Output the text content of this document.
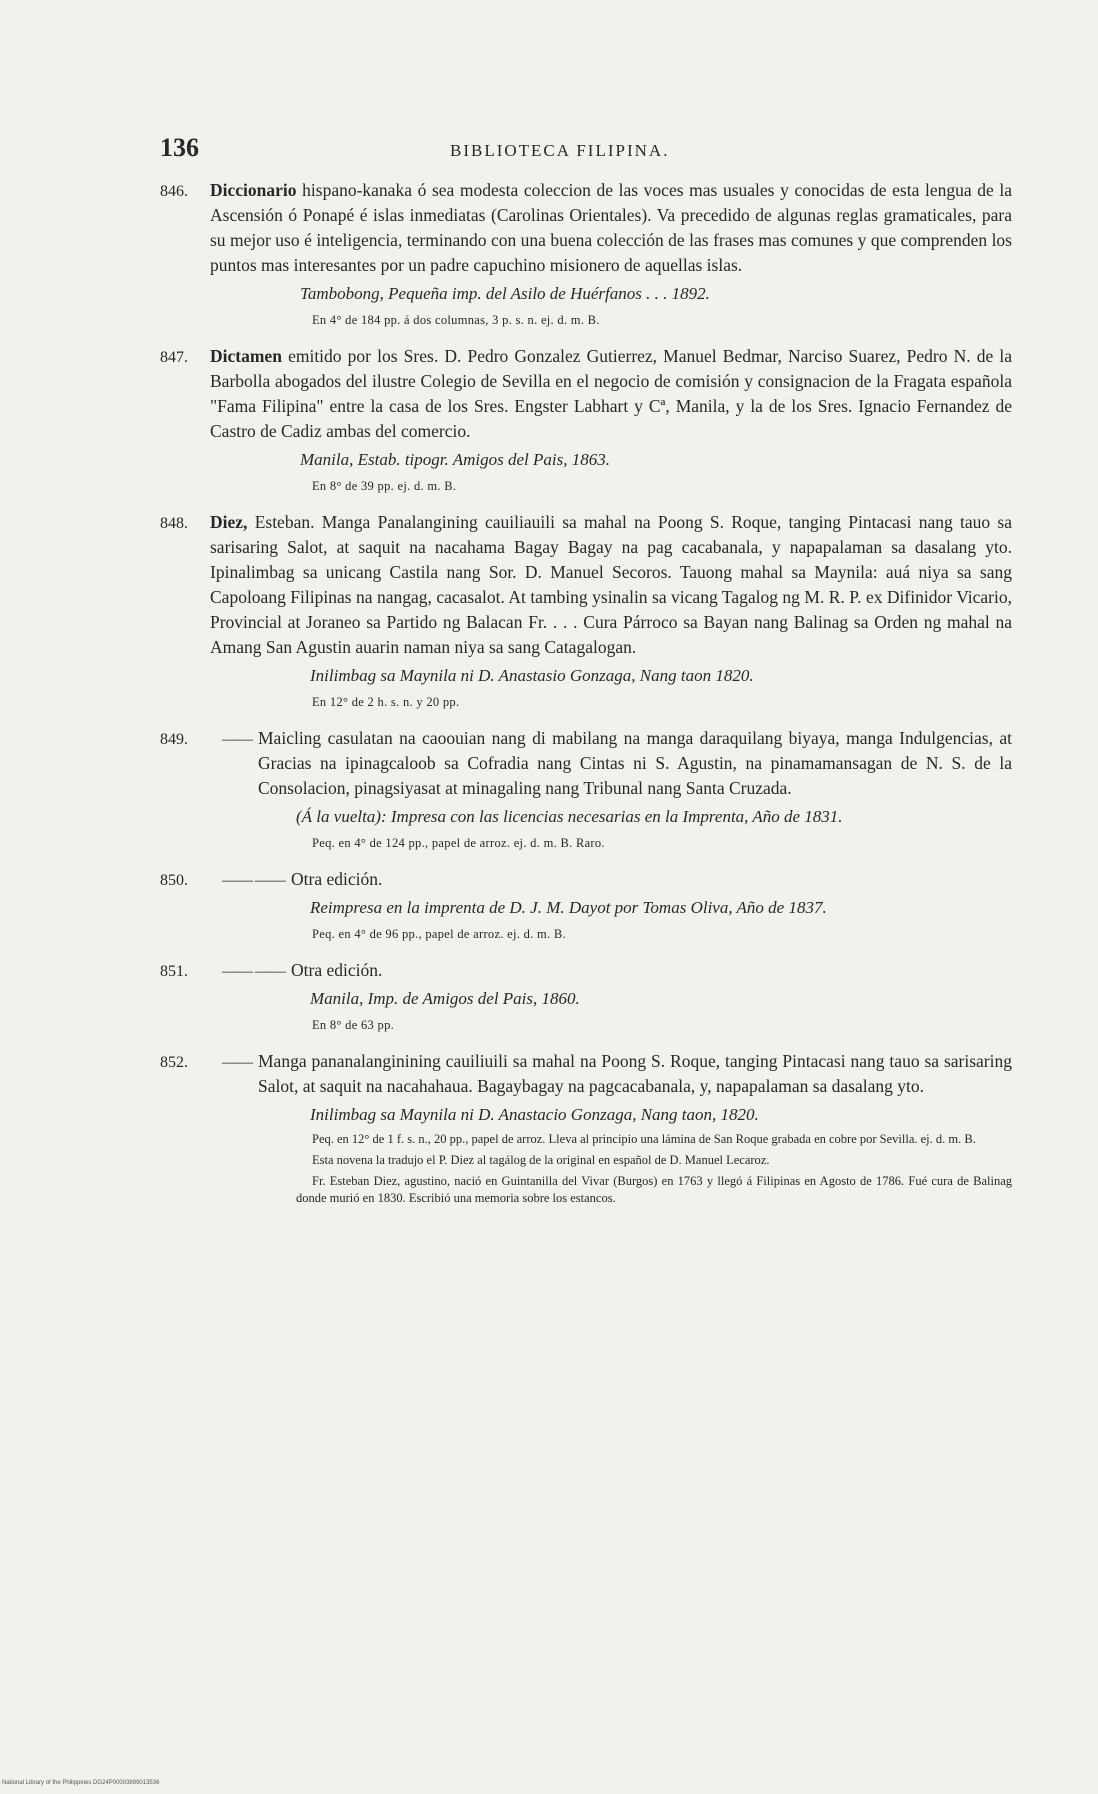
136	BIBLIOTECA FILIPINA.
846.	Diccionario hispano-kanaka ó sea modesta coleccion de las voces mas usuales y conocidas de esta lengua de la Ascensión ó Ponapé é islas inmediatas (Carolinas Orientales). Va precedido de algunas reglas gramaticales, para su mejor uso é inteligencia, terminando con una buena colección de las frases mas comunes y que comprenden los puntos mas interesantes por un padre capuchino misionero de aquellas islas.
Tambobong, Pequeña imp. del Asilo de Huérfanos . . . 1892.
En 4° de 184 pp. á dos columnas, 3 p. s. n. ej. d. m. B.
847.	Dictamen emitido por los Sres. D. Pedro Gonzalez Gutierrez, Manuel Bedmar, Narciso Suarez, Pedro N. de la Barbolla abogados del ilustre Colegio de Sevilla en el negocio de comisión y consignacion de la Fragata española "Fama Filipina" entre la casa de los Sres. Engster Labhart y Cª, Manila, y la de los Sres. Ignacio Fernandez de Castro de Cadiz ambas del comercio.
Manila, Estab. tipogr. Amigos del Pais, 1863.
En 8° de 39 pp. ej. d. m. B.
848.	Diez, Esteban. Manga Panalangining cauiliauili sa mahal na Poong S. Roque, tanging Pintacasi nang tauo sa sarisaring Salot, at saquit na nacahama Bagay Bagay na pag cacabanala, y napapalaman sa dasalang yto. Ipinalimbag sa unicang Castila nang Sor. D. Manuel Secoros. Tauong mahal sa Maynila: auá niya sa sang Capoloang Filipinas na nangag, cacasalot. At tambing ysinalin sa vicang Tagalog ng M. R. P. ex Difinidor Vicario, Provincial at Joraneo sa Partido ng Balacan Fr. . . . Cura Párroco sa Bayan nang Balinag sa Orden ng mahal na Amang San Agustin auarin naman niya sa sang Catagalogan.
Inilimbag sa Maynila ni D. Anastasio Gonzaga, Nang taon 1820.
En 12° de 2 h. s. n. y 20 pp.
849.	—— Maicling casulatan na caoouian nang di mabilang na manga daraquilang biyaya, manga Indulgencias, at Gracias na ipinagcaloob sa Cofradia nang Cintas ni S. Agustin, na pinamamansagan de N. S. de la Consolacion, pinagsiyasat at minagaling nang Tribunal nang Santa Cruzada.
(Á la vuelta): Impresa con las licencias necesarias en la Imprenta, Año de 1831.
Peq. en 4° de 124 pp., papel de arroz. ej. d. m. B. Raro.
850.	—— —— Otra edición.
Reimpresa en la imprenta de D. J. M. Dayot por Tomas Oliva, Año de 1837.
Peq. en 4° de 96 pp., papel de arroz. ej. d. m. B.
851.	—— —— Otra edición.
Manila, Imp. de Amigos del Pais, 1860.
En 8° de 63 pp.
852.	—— Manga pananalanginining cauiliuili sa mahal na Poong S. Roque, tanging Pintacasi nang tauo sa sarisaring Salot, at saquit na nacahahaua. Bagaybagay na pagcacabanala, y, napapalaman sa dasalang yto.
Inilimbag sa Maynila ni D. Anastacio Gonzaga, Nang taon, 1820.
Peq. en 12° de 1 f. s. n., 20 pp., papel de arroz. Lleva al principio una lámina de San Roque grabada en cobre por Sevilla. ej. d. m. B.
Esta novena la tradujo el P. Diez al tagálog de la original en español de D. Manuel Lecaroz.
Fr. Esteban Diez, agustino, nació en Guintanilla del Vivar (Burgos) en 1763 y llegó á Filipinas en Agosto de 1786. Fué cura de Balinag donde murió en 1830. Escribió una memoria sobre los estancos.
National Library of the Philippines DG24P00003899013536
